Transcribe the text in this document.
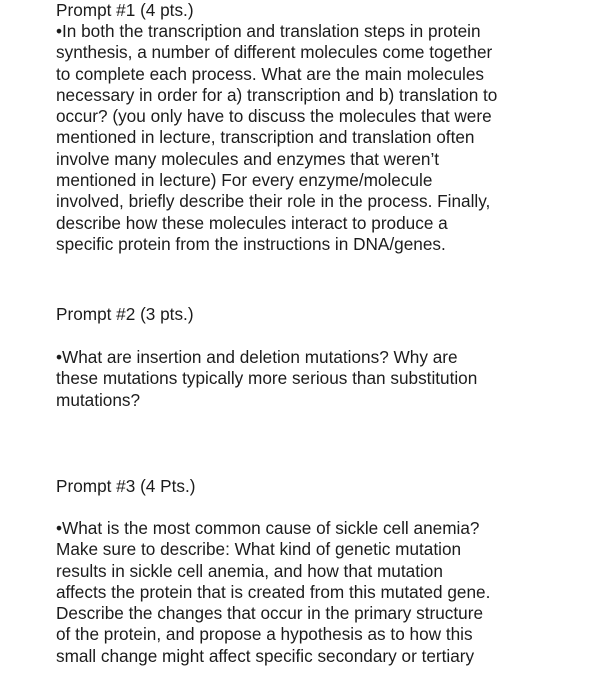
Prompt #1 (4 pts.)
•In both the transcription and translation steps in protein
synthesis, a number of different molecules come together
to complete each process. What are the main molecules
necessary in order for a) transcription and b) translation to
occur? (you only have to discuss the molecules that were
mentioned in lecture, transcription and translation often
involve many molecules and enzymes that weren’t
mentioned in lecture) For every enzyme/molecule
involved, briefly describe their role in the process. Finally,
describe how these molecules interact to produce a
specific protein from the instructions in DNA/genes.
Prompt #2 (3 pts.)
•What are insertion and deletion mutations? Why are
these mutations typically more serious than substitution
mutations?
Prompt #3 (4 Pts.)
•What is the most common cause of sickle cell anemia?
Make sure to describe: What kind of genetic mutation
results in sickle cell anemia, and how that mutation
affects the protein that is created from this mutated gene.
Describe the changes that occur in the primary structure
of the protein, and propose a hypothesis as to how this
small change might affect specific secondary or tertiary
